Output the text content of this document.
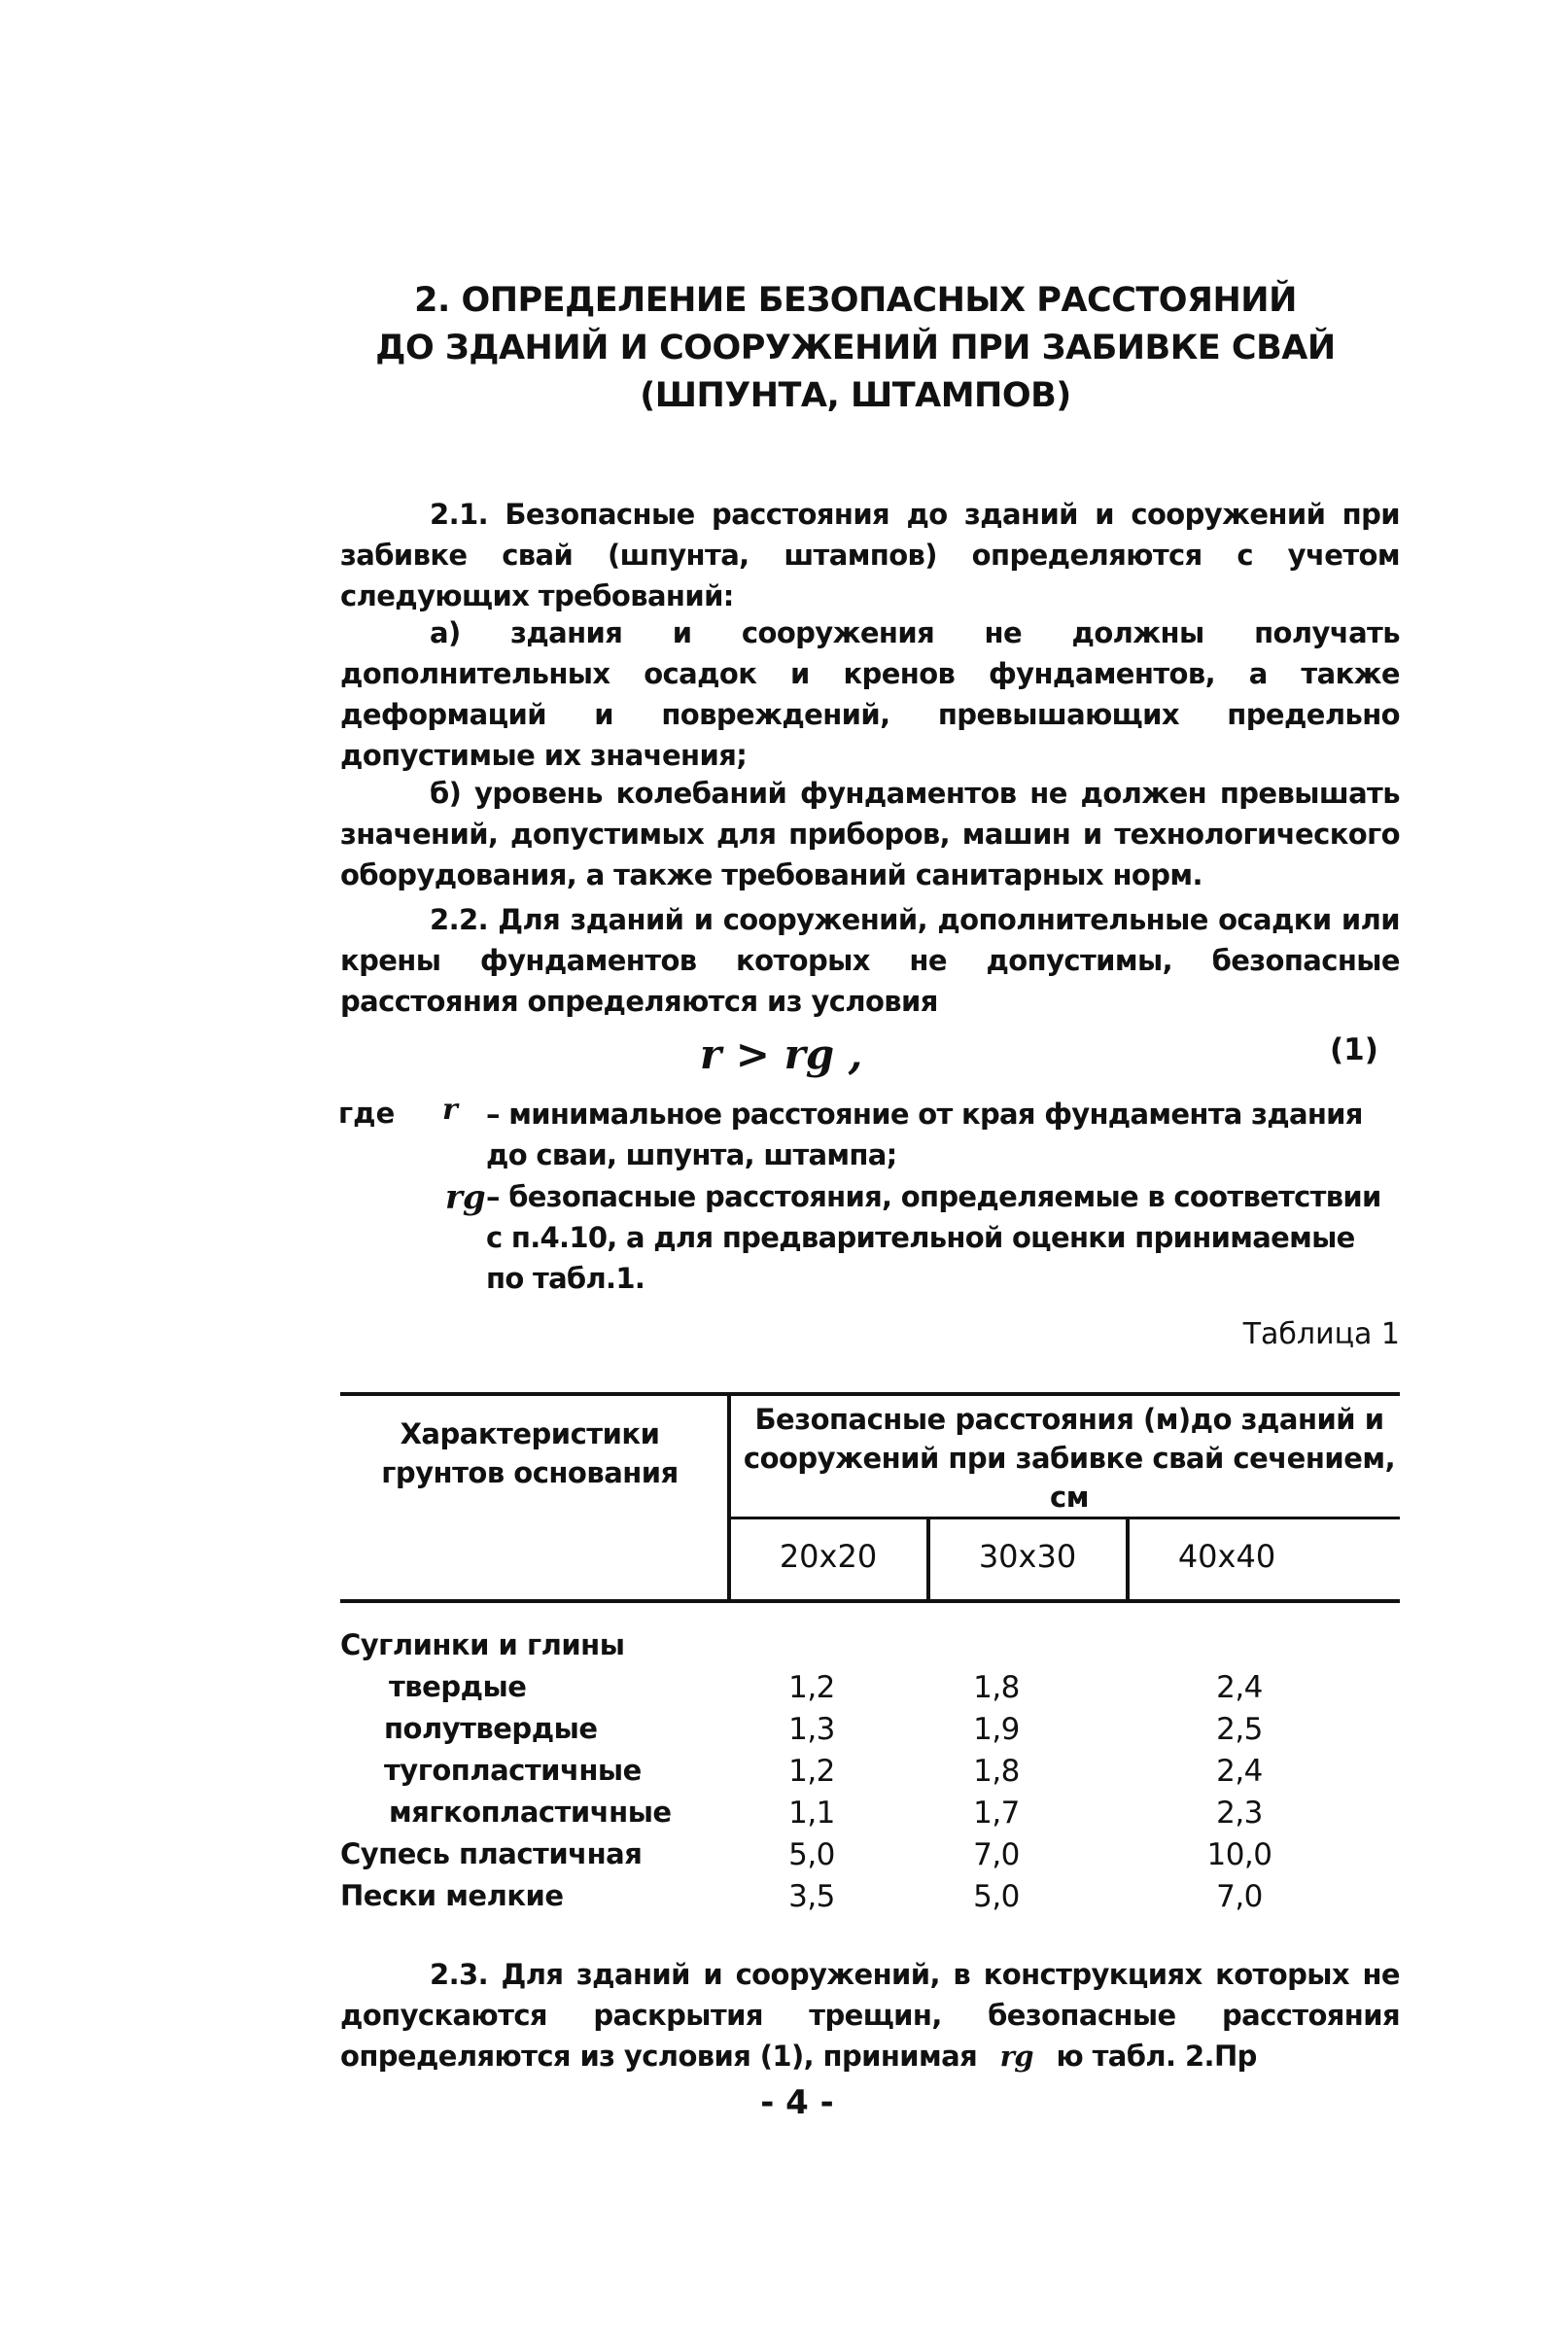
2. ОПРЕДЕЛЕНИЕ БЕЗОПАСНЫХ РАССТОЯНИЙ
ДО ЗДАНИЙ И СООРУЖЕНИЙ ПРИ ЗАБИВКЕ СВАЙ
(ШПУНТА, ШТАМПОВ)
2.1. Безопасные расстояния до зданий и сооружений при забивке свай (шпунта, штампов) определяются с учетом следующих требований:
а) здания и сооружения не должны получать дополнительных осадок и кренов фундаментов, а также деформаций и повреждений, превышающих предельно допустимые их значения;
б) уровень колебаний фундаментов не должен превышать значений, допустимых для приборов, машин и технологического оборудования, а также требований санитарных норм.
2.2. Для зданий и сооружений, дополнительные осадки или крены фундаментов которых не допустимы, безопасные расстояния определяются из условия
r > rg ,	(1)
где r – минимальное расстояние от края фундамента здания до сваи, шпунта, штампа;
rg – безопасные расстояния, определяемые в соответствии с п.4.10, а для предварительной оценки принимаемые по табл.1.
Таблица 1
Характеристики грунтов основания
Безопасные расстояния (м)до зданий и сооружений при забивке свай сечением, см
20x20	30x30	40x40
Суглинки и глины
твердые	1,2	1,8	2,4
полутвердые	1,3	1,9	2,5
тугопластичные	1,2	1,8	2,4
мягкопластичные	1,1	1,7	2,3
Супесь пластичная	5,0	7,0	10,0
Пески мелкие	3,5	5,0	7,0
2.3. Для зданий и сооружений, в конструкциях которых не допускаются раскрытия трещин, безопасные расстояния определяются из условия (1), принимая rg ю табл. 2.Пр
- 4 -
